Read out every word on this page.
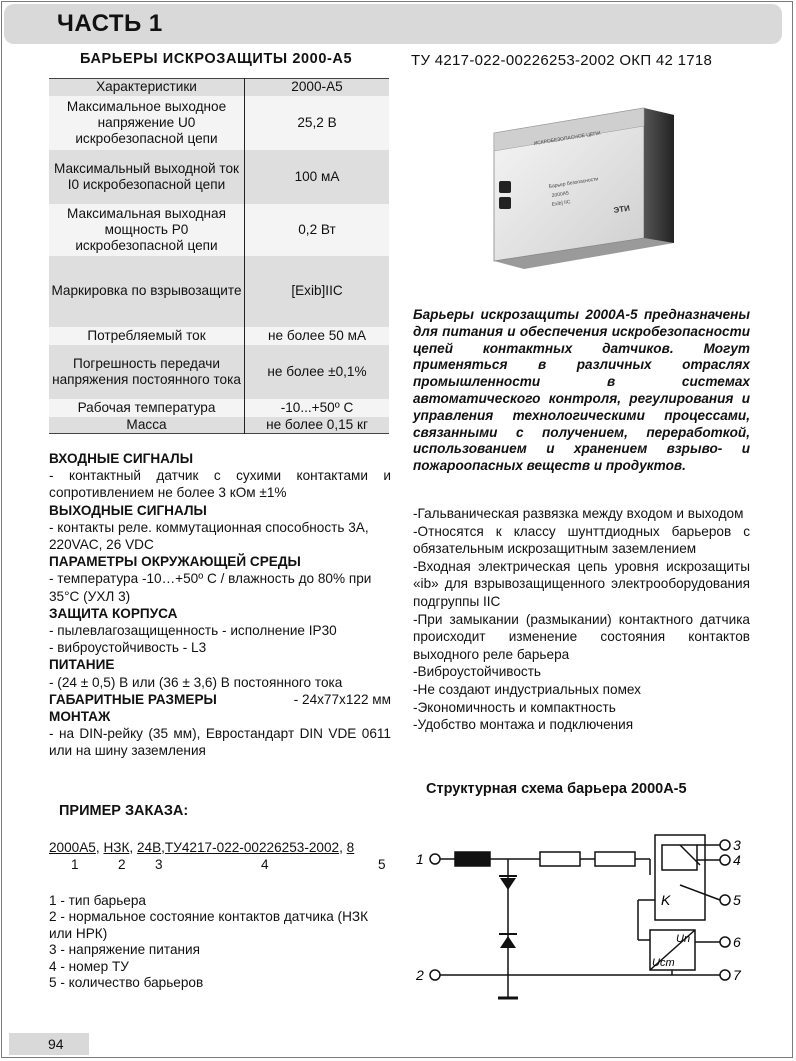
ЧАСТЬ 1
БАРЬЕРЫ ИСКРОЗАЩИТЫ 2000-А5	ТУ 4217-022-00226253-2002 ОКП 42 1718
Характеристики	2000-А5
Максимальное выходное напряжение U0 искробезопасной цепи	25,2 В
Максимальный выходной ток I0 искробезопасной цепи	100 мА
Максимальная выходная мощность P0 искробезопасной цепи	0,2 Вт
Маркировка по взрывозащите	[Exib]IIC
Потребляемый ток	не более 50 мА
Погрешность передачи напряжения постоянного тока	не более ±0,1%
Рабочая температура	-10...+50º С
Масса	не более 0,15 кг
ВХОДНЫЕ СИГНАЛЫ
- контактный датчик с сухими контактами и сопротивлением не более 3 кОм ±1%
ВЫХОДНЫЕ СИГНАЛЫ
- контакты реле. коммутационная способность 3А, 220VAC, 26 VDC
ПАРАМЕТРЫ ОКРУЖАЮЩЕЙ СРЕДЫ
- температура -10…+50º С / влажность до 80% при 35°С (УХЛ 3)
ЗАЩИТА КОРПУСА
- пылевлагозащищенность - исполнение IP30
- виброустойчивость - L3
ПИТАНИЕ
- (24 ± 0,5) В или (36 ± 3,6) В постоянного тока
ГАБАРИТНЫЕ РАЗМЕРЫ	- 24х77х122 мм
МОНТАЖ
- на DIN-рейку (35 мм), Евростандарт DIN VDE 0611 или на шину заземления
ПРИМЕР ЗАКАЗА:
2000А5, НЗК, 24В,ТУ4217-022-00226253-2002, 8
1	2 3	4	5
1 - тип барьера
2 - нормальное состояние контактов датчика (НЗК или НРК)
3 - напряжение питания
4 - номер ТУ
5 - количество барьеров
ИСКРОБЕЗОПАСНОЕ ЦЕПИ
Барьер безопасности
2000А5
Exib] IIC	ЭТИ
Барьеры искрозащиты 2000А-5 предназначены для питания и обеспечения искробезопасности цепей контактных датчиков. Могут применяться в различных отраслях промышленности в системах автоматического контроля, регулирования и управления технологическими процессами, связанными с получением, переработкой, использованием и хранением взрыво- и пожароопасных веществ и продуктов.
-Гальваническая развязка между входом и выходом
-Относятся к классу шунттдиодных барьеров с обязательным искрозащитным заземлением
-Входная электрическая цепь уровня искрозащиты «ib» для взрывозащищенного электрооборудования подгруппы IIC
-При замыкании (размыкании) контактного датчика происходит изменение состояния контактов выходного реле барьера
-Виброустойчивость
-Не создают индустриальных помех
-Экономичность и компактность
-Удобство монтажа и подключения
Структурная схема барьера 2000А-5
1
2
3
4
5
6
7
K
Un
Ucm
94
